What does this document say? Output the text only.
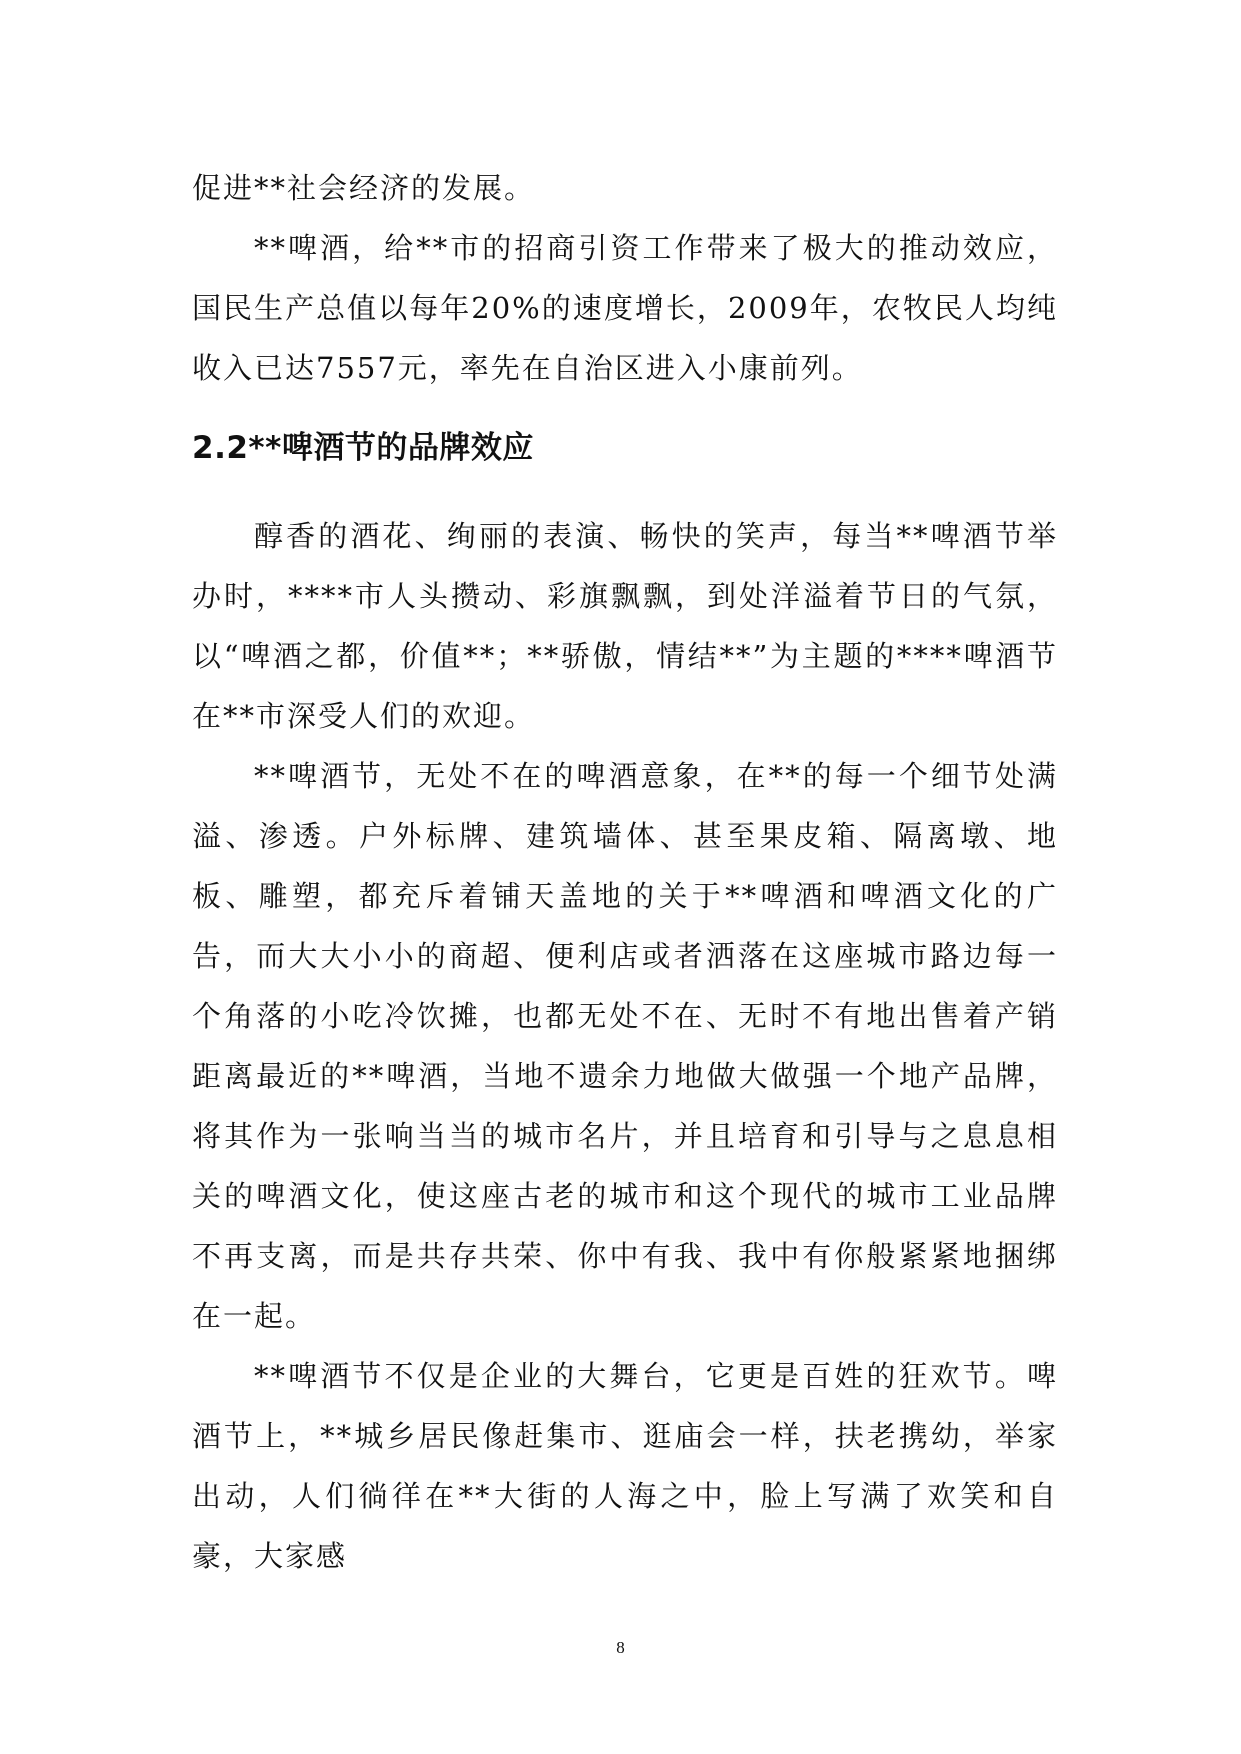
促进**社会经济的发展。

**啤酒，给**市的招商引资工作带来了极大的推动效应，国民生产总值以每年20%的速度增长，2009年，农牧民人均纯收入已达7557元，率先在自治区进入小康前列。

2.2**啤酒节的品牌效应

醇香的酒花、绚丽的表演、畅快的笑声，每当**啤酒节举办时，****市人头攒动、彩旗飘飘，到处洋溢着节日的气氛，以“啤酒之都，价值**；**骄傲，情结**”为主题的****啤酒节在**市深受人们的欢迎。

**啤酒节，无处不在的啤酒意象，在**的每一个细节处满溢、渗透。户外标牌、建筑墙体、甚至果皮箱、隔离墩、地板、雕塑，都充斥着铺天盖地的关于**啤酒和啤酒文化的广告，而大大小小的商超、便利店或者洒落在这座城市路边每一个角落的小吃冷饮摊，也都无处不在、无时不有地出售着产销距离最近的**啤酒，当地不遗余力地做大做强一个地产品牌，将其作为一张响当当的城市名片，并且培育和引导与之息息相关的啤酒文化，使这座古老的城市和这个现代的城市工业品牌不再支离，而是共存共荣、你中有我、我中有你般紧紧地捆绑在一起。

**啤酒节不仅是企业的大舞台，它更是百姓的狂欢节。啤酒节上，**城乡居民像赶集市、逛庙会一样，扶老携幼，举家出动，人们徜徉在**大街的人海之中，脸上写满了欢笑和自豪，大家感

8
